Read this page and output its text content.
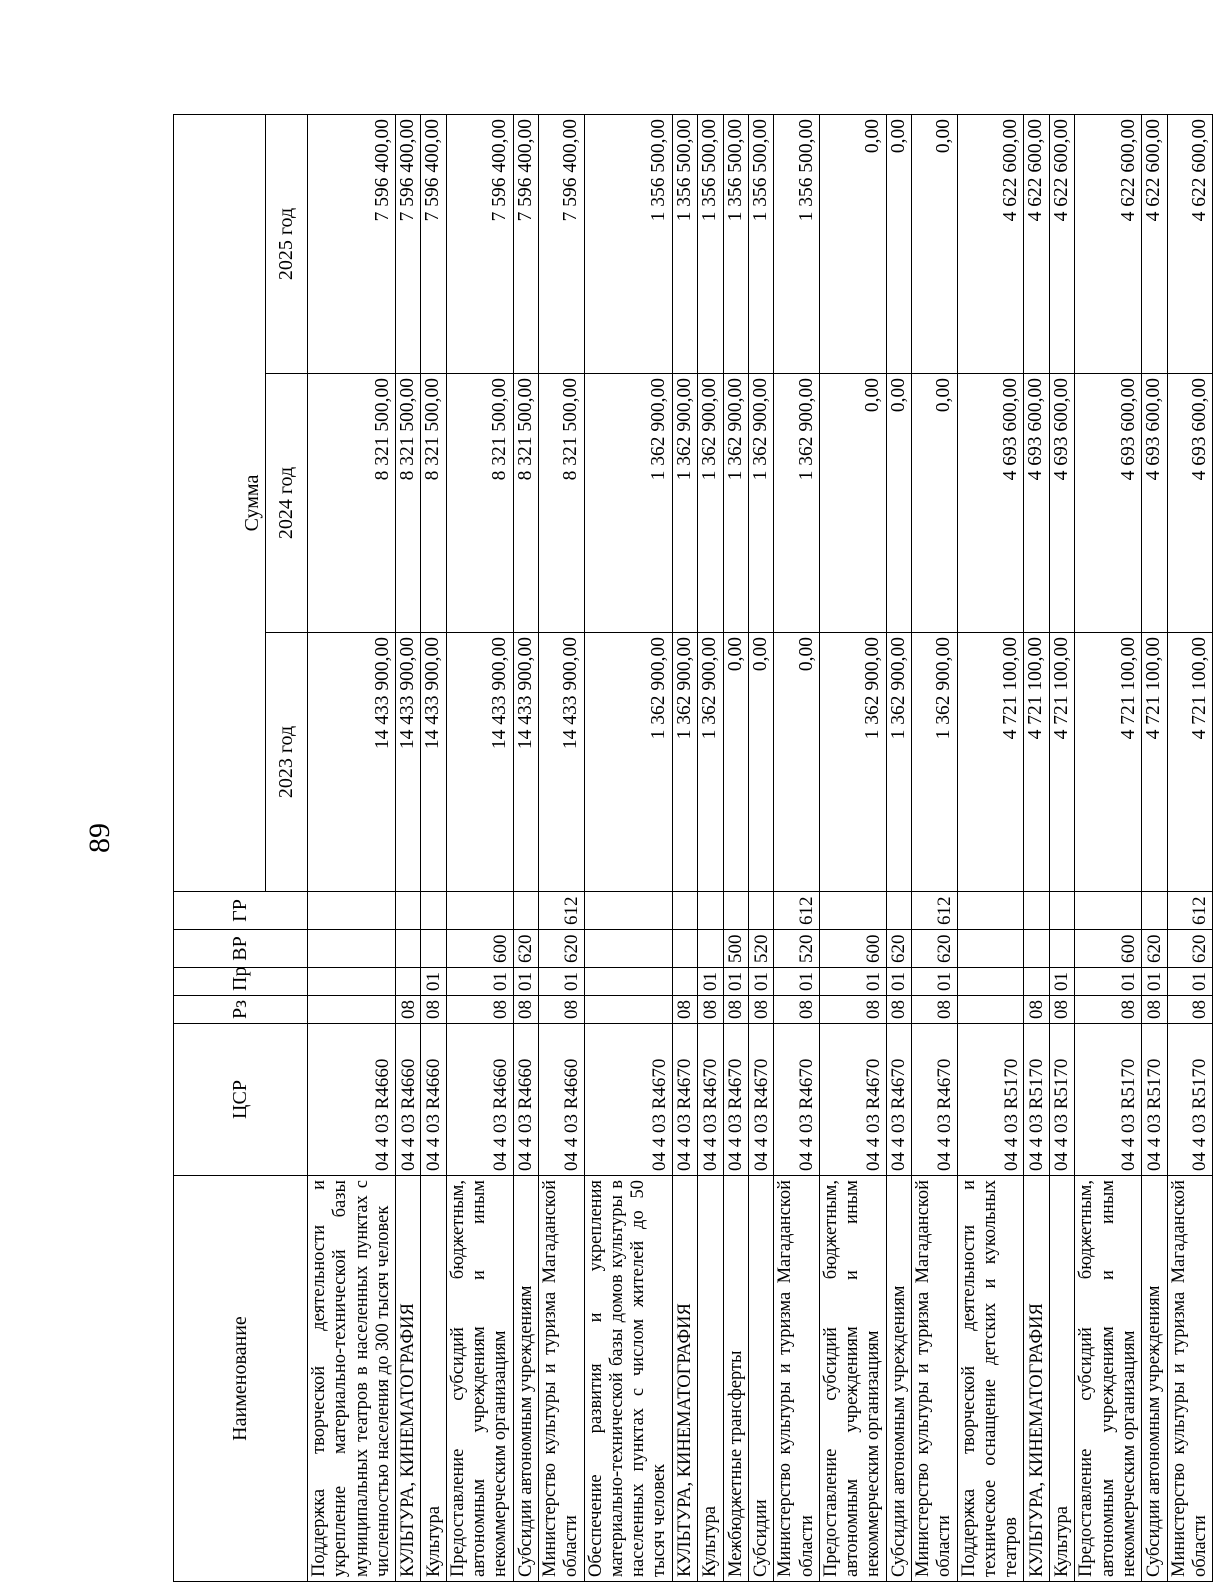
89
Наименование	ЦСР	Рз	Пр	ВР	ГР	Сумма		
						2023 год	2024 год	2025 год
Поддержка творческой деятельности и укрепление материально-технической базы муниципальных театров в населенных пунктах с численностью населения до 300 тысяч человек	04 4 03 R4660					14 433 900,00	8 321 500,00	7 596 400,00
КУЛЬТУРА, КИНЕМАТОГРАФИЯ	04 4 03 R4660	08				14 433 900,00	8 321 500,00	7 596 400,00
Культура	04 4 03 R4660	08	01			14 433 900,00	8 321 500,00	7 596 400,00
Предоставление субсидий бюджетным, автономным учреждениям и иным некоммерческим организациям	04 4 03 R4660	08	01	600		14 433 900,00	8 321 500,00	7 596 400,00
Субсидии автономным учреждениям	04 4 03 R4660	08	01	620		14 433 900,00	8 321 500,00	7 596 400,00
Министерство культуры и туризма Магаданской области	04 4 03 R4660	08	01	620	612	14 433 900,00	8 321 500,00	7 596 400,00
Обеспечение развития и укрепления материально-технической базы домов культуры в населенных пунктах с числом жителей до 50 тысяч человек	04 4 03 R4670					1 362 900,00	1 362 900,00	1 356 500,00
КУЛЬТУРА, КИНЕМАТОГРАФИЯ	04 4 03 R4670	08				1 362 900,00	1 362 900,00	1 356 500,00
Культура	04 4 03 R4670	08	01			1 362 900,00	1 362 900,00	1 356 500,00
Межбюджетные трансферты	04 4 03 R4670	08	01	500		0,00	1 362 900,00	1 356 500,00
Субсидии	04 4 03 R4670	08	01	520		0,00	1 362 900,00	1 356 500,00
Министерство культуры и туризма Магаданской области	04 4 03 R4670	08	01	520	612	0,00	1 362 900,00	1 356 500,00
Предоставление субсидий бюджетным, автономным учреждениям и иным некоммерческим организациям	04 4 03 R4670	08	01	600		1 362 900,00	0,00	0,00
Субсидии автономным учреждениям	04 4 03 R4670	08	01	620		1 362 900,00	0,00	0,00
Министерство культуры и туризма Магаданской области	04 4 03 R4670	08	01	620	612	1 362 900,00	0,00	0,00
Поддержка творческой деятельности и техническое оснащение детских и кукольных театров	04 4 03 R5170					4 721 100,00	4 693 600,00	4 622 600,00
КУЛЬТУРА, КИНЕМАТОГРАФИЯ	04 4 03 R5170	08				4 721 100,00	4 693 600,00	4 622 600,00
Культура	04 4 03 R5170	08	01			4 721 100,00	4 693 600,00	4 622 600,00
Предоставление субсидий бюджетным, автономным учреждениям и иным некоммерческим организациям	04 4 03 R5170	08	01	600		4 721 100,00	4 693 600,00	4 622 600,00
Субсидии автономным учреждениям	04 4 03 R5170	08	01	620		4 721 100,00	4 693 600,00	4 622 600,00
Министерство культуры и туризма Магаданской области	04 4 03 R5170	08	01	620	612	4 721 100,00	4 693 600,00	4 622 600,00
